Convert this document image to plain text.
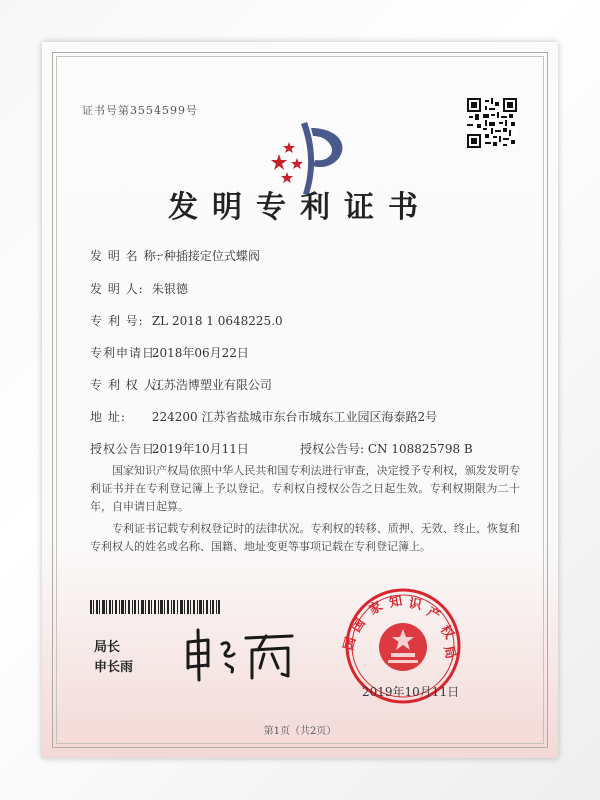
证书号第3554599号
发明专利证书
发 明 名 称: 一种插接定位式蝶阀
发 明 人: 朱银德
专 利 号: ZL 2018 1 0648225.0
专利申请日: 2018年06月22日
专 利 权 人: 江苏浩博塑业有限公司
地 址: 224200 江苏省盐城市东台市城东工业园区海泰路2号
授权公告日: 2019年10月11日	授权公告号: CN 108825798 B
国家知识产权局依照中华人民共和国专利法进行审查，决定授予专利权，颁发发明专利证书并在专利登记簿上予以登记。专利权自授权公告之日起生效。专利权期限为二十年，自申请日起算。
专利证书记载专利权登记时的法律状况。专利权的转移、质押、无效、终止、恢复和专利权人的姓名或名称、国籍、地址变更等事项记载在专利登记簿上。
局长
申长雨
国
家 知 识 产
权
局
国
2019年10月11日
第1页（共2页）
